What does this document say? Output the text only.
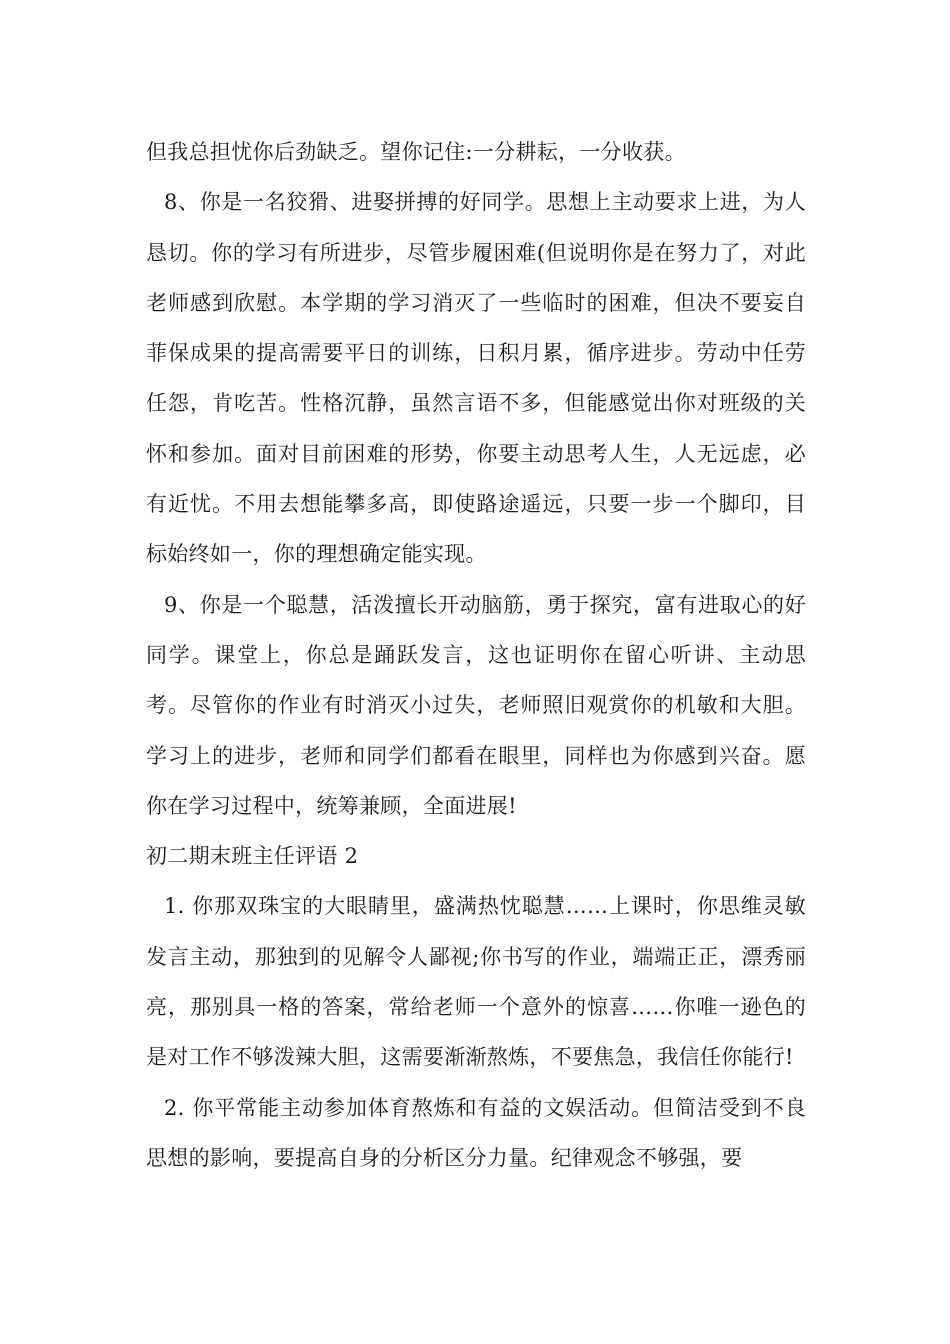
但我总担忧你后劲缺乏。望你记住:一分耕耘，一分收获。

8、你是一名狡猾、进娶拼搏的好同学。思想上主动要求上进，为人恳切。你的学习有所进步，尽管步履困难(但说明你是在努力了，对此老师感到欣慰。本学期的学习消灭了一些临时的困难，但决不要妄自菲保成果的提高需要平日的训练，日积月累，循序进步。劳动中任劳任怨，肯吃苦。性格沉静，虽然言语不多，但能感觉出你对班级的关怀和参加。面对目前困难的形势，你要主动思考人生，人无远虑，必有近忧。不用去想能攀多高，即使路途遥远，只要一步一个脚印，目标始终如一，你的理想确定能实现。

9、你是一个聪慧，活泼擅长开动脑筋，勇于探究，富有进取心的好同学。课堂上，你总是踊跃发言，这也证明你在留心听讲、主动思考。尽管你的作业有时消灭小过失，老师照旧观赏你的机敏和大胆。学习上的进步，老师和同学们都看在眼里，同样也为你感到兴奋。愿你在学习过程中，统筹兼顾，全面进展!

初二期末班主任评语 2

1. 你那双珠宝的大眼睛里，盛满热忱聪慧……上课时，你思维灵敏发言主动，那独到的见解令人鄙视;你书写的作业，端端正正，漂秀丽亮，那别具一格的答案，常给老师一个意外的惊喜……你唯一逊色的是对工作不够泼辣大胆，这需要渐渐熬炼，不要焦急，我信任你能行!

2. 你平常能主动参加体育熬炼和有益的文娱活动。但简洁受到不良思想的影响，要提高自身的分析区分力量。纪律观念不够强，要
